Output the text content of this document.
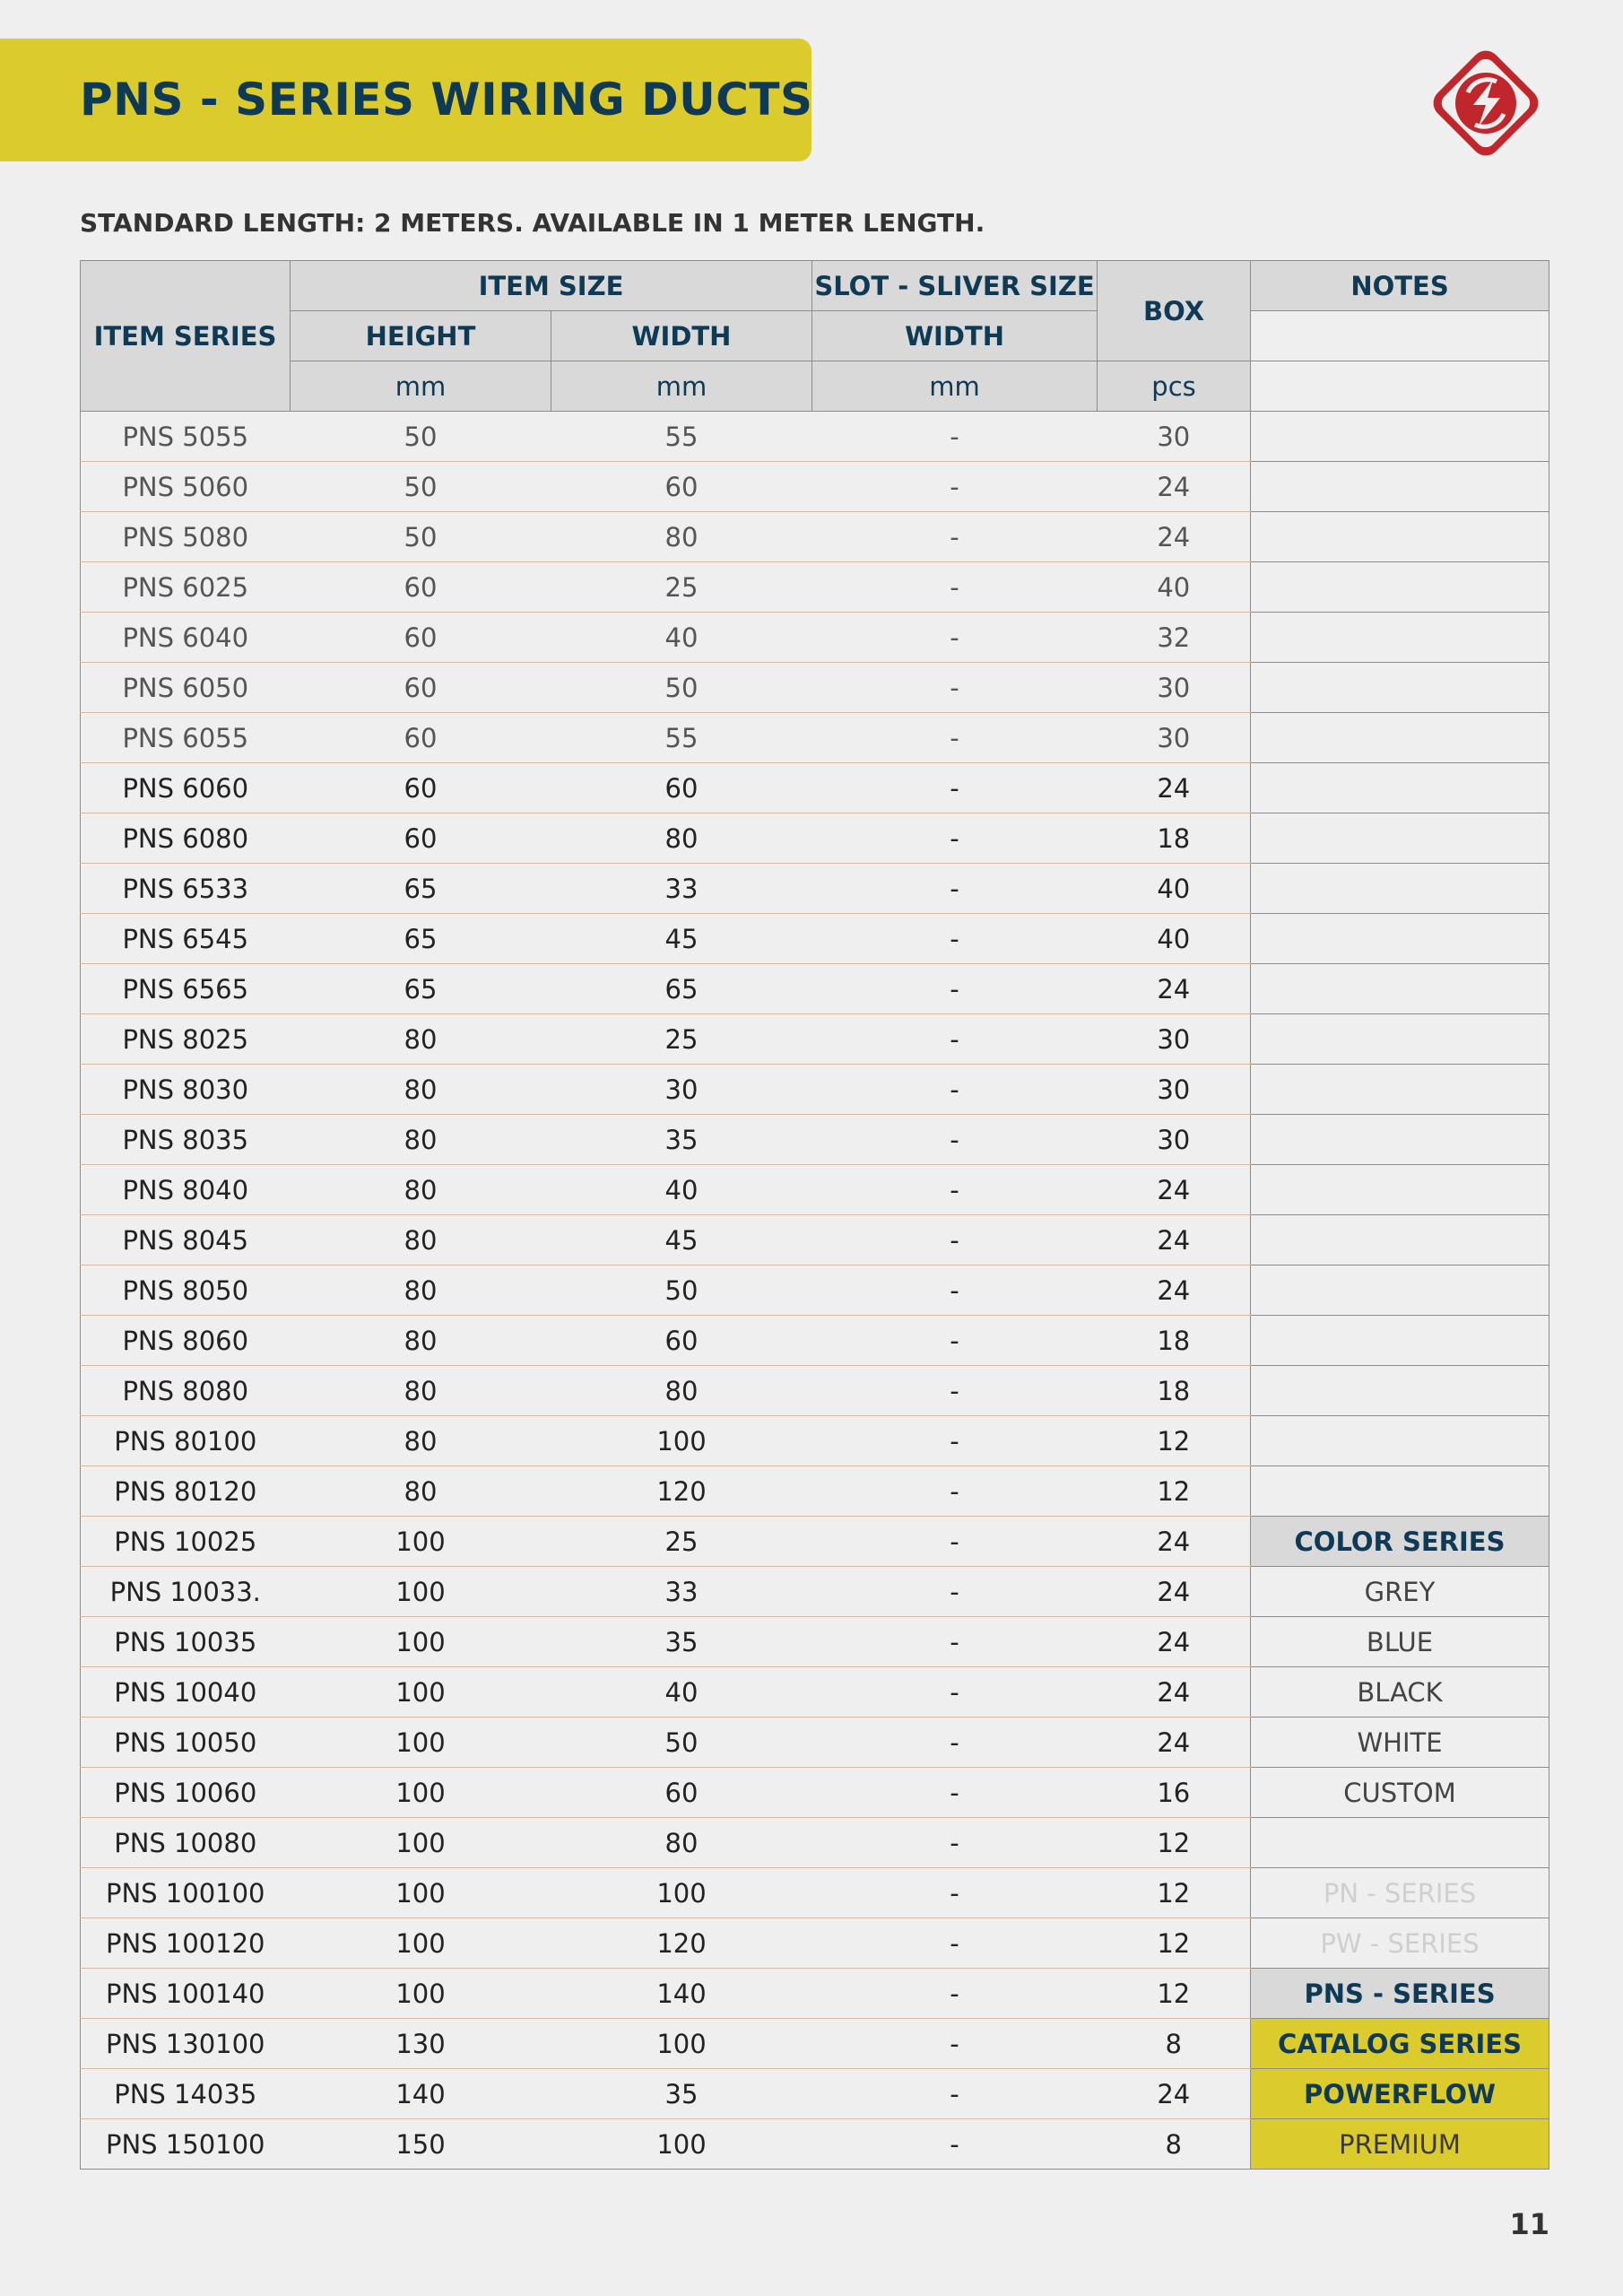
PNS - SERIES WIRING DUCTS
STANDARD LENGTH: 2 METERS. AVAILABLE IN 1 METER LENGTH.
ITEM SERIES	ITEM SIZE		SLOT - SLIVER SIZE	BOX	NOTES
	HEIGHT	WIDTH	WIDTH		
	mm	mm	mm	pcs	
PNS 5055	50	55	-	30	
PNS 5060	50	60	-	24	
PNS 5080	50	80	-	24	
PNS 6025	60	25	-	40	
PNS 6040	60	40	-	32	
PNS 6050	60	50	-	30	
PNS 6055	60	55	-	30	
PNS 6060	60	60	-	24	
PNS 6080	60	80	-	18	
PNS 6533	65	33	-	40	
PNS 6545	65	45	-	40	
PNS 6565	65	65	-	24	
PNS 8025	80	25	-	30	
PNS 8030	80	30	-	30	
PNS 8035	80	35	-	30	
PNS 8040	80	40	-	24	
PNS 8045	80	45	-	24	
PNS 8050	80	50	-	24	
PNS 8060	80	60	-	18	
PNS 8080	80	80	-	18	
PNS 80100	80	100	-	12	
PNS 80120	80	120	-	12	
PNS 10025	100	25	-	24	COLOR SERIES
PNS 10033.	100	33	-	24	GREY
PNS 10035	100	35	-	24	BLUE
PNS 10040	100	40	-	24	BLACK
PNS 10050	100	50	-	24	WHITE
PNS 10060	100	60	-	16	CUSTOM
PNS 10080	100	80	-	12	
PNS 100100	100	100	-	12	PN - SERIES
PNS 100120	100	120	-	12	PW - SERIES
PNS 100140	100	140	-	12	PNS - SERIES
PNS 130100	130	100	-	8	CATALOG SERIES
PNS 14035	140	35	-	24	POWERFLOW
PNS 150100	150	100	-	8	PREMIUM
11
